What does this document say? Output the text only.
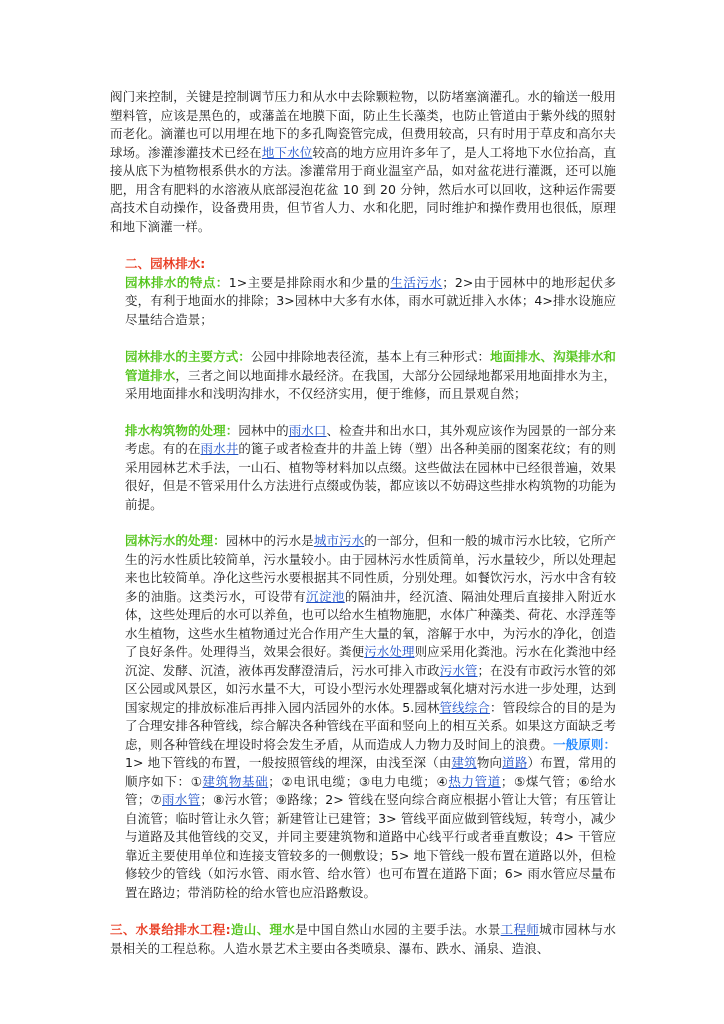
阀门来控制，关键是控制调节压力和从水中去除颗粒物，以防堵塞滴灌孔。水的输送一般用塑料管，应该是黑色的，或藩盖在地膜下面，防止生长藻类，也防止管道由于紫外线的照射而老化。滴灌也可以用埋在地下的多孔陶瓷管完成，但费用较高，只有时用于草皮和高尔夫球场。渗灌渗灌技术已经在地下水位较高的地方应用许多年了，是人工将地下水位抬高，直接从底下为植物根系供水的方法。渗灌常用于商业温室产品，如对盆花进行灌溉，还可以施肥，用含有肥料的水溶液从底部浸泡花盆 10 到 20 分钟，然后水可以回收，这种运作需要高技术自动操作，设备费用贵，但节省人力、水和化肥，同时维护和操作费用也很低，原理和地下滴灌一样。

二、园林排水:

园林排水的特点：1>主要是排除雨水和少量的生活污水；2>由于园林中的地形起伏多变，有利于地面水的排除；3>园林中大多有水体，雨水可就近排入水体；4>排水设施应尽量结合造景；

园林排水的主要方式：公园中排除地表径流，基本上有三种形式：地面排水、沟渠排水和管道排水，三者之间以地面排水最经济。在我国，大部分公园绿地都采用地面排水为主，采用地面排水和浅明沟排水，不仅经济实用，便于维修，而且景观自然；

排水构筑物的处理：园林中的雨水口、检查井和出水口，其外观应该作为园景的一部分来考虑。有的在雨水井的篦子或者检查井的井盖上铸（塑）出各种美丽的图案花纹；有的则采用园林艺术手法，一山石、植物等材料加以点缀。这些做法在园林中已经很普遍，效果很好，但是不管采用什么方法进行点缀或伪装，都应该以不妨碍这些排水构筑物的功能为前提。

园林污水的处理：园林中的污水是城市污水的一部分，但和一般的城市污水比较，它所产生的污水性质比较简单，污水量较小。由于园林污水性质简单，污水量较少，所以处理起来也比较简单。净化这些污水要根据其不同性质，分别处理。如餐饮污水，污水中含有较多的油脂。这类污水，可设带有沉淀池的隔油井，经沉渣、隔油处理后直接排入附近水体，这些处理后的水可以养鱼，也可以给水生植物施肥，水体广种藻类、荷花、水浮莲等水生植物，这些水生植物通过光合作用产生大量的氧，溶解于水中，为污水的净化，创造了良好条件。处理得当，效果会很好。粪便污水处理则应采用化粪池。污水在化粪池中经沉淀、发酵、沉渣，液体再发酵澄清后，污水可排入市政污水管；在没有市政污水管的郊区公园或风景区，如污水量不大，可设小型污水处理器或氧化塘对污水进一步处理，达到国家规定的排放标准后再排入园内活园外的水体。5.园林管线综合：管段综合的目的是为了合理安排各种管线，综合解决各种管线在平面和竖向上的相互关系。如果这方面缺乏考虑，则各种管线在埋设时将会发生矛盾，从而造成人力物力及时间上的浪费。一般原则：1> 地下管线的布置，一般按照管线的埋深，由浅至深（由建筑物向道路）布置，常用的顺序如下：①建筑物基础；②电讯电缆；③电力电缆；④热力管道；⑤煤气管；⑥给水管；⑦雨水管；⑧污水管；⑨路缘；2> 管线在竖向综合商应根据小管让大管；有压管让自流管；临时管让永久管；新建管让已建管；3> 管线平面应做到管线短，转弯小，减少与道路及其他管线的交叉，并同主要建筑物和道路中心线平行或者垂直敷设；4> 干管应靠近主要使用单位和连接支管较多的一侧敷设；5> 地下管线一般布置在道路以外，但检修较少的管线（如污水管、雨水管、给水管）也可布置在道路下面；6> 雨水管应尽量布置在路边；带消防栓的给水管也应沿路敷设。

三、水景给排水工程:造山、理水是中国自然山水园的主要手法。水景工程师城市园林与水景相关的工程总称。人造水景艺术主要由各类喷泉、瀑布、跌水、涌泉、造浪、
